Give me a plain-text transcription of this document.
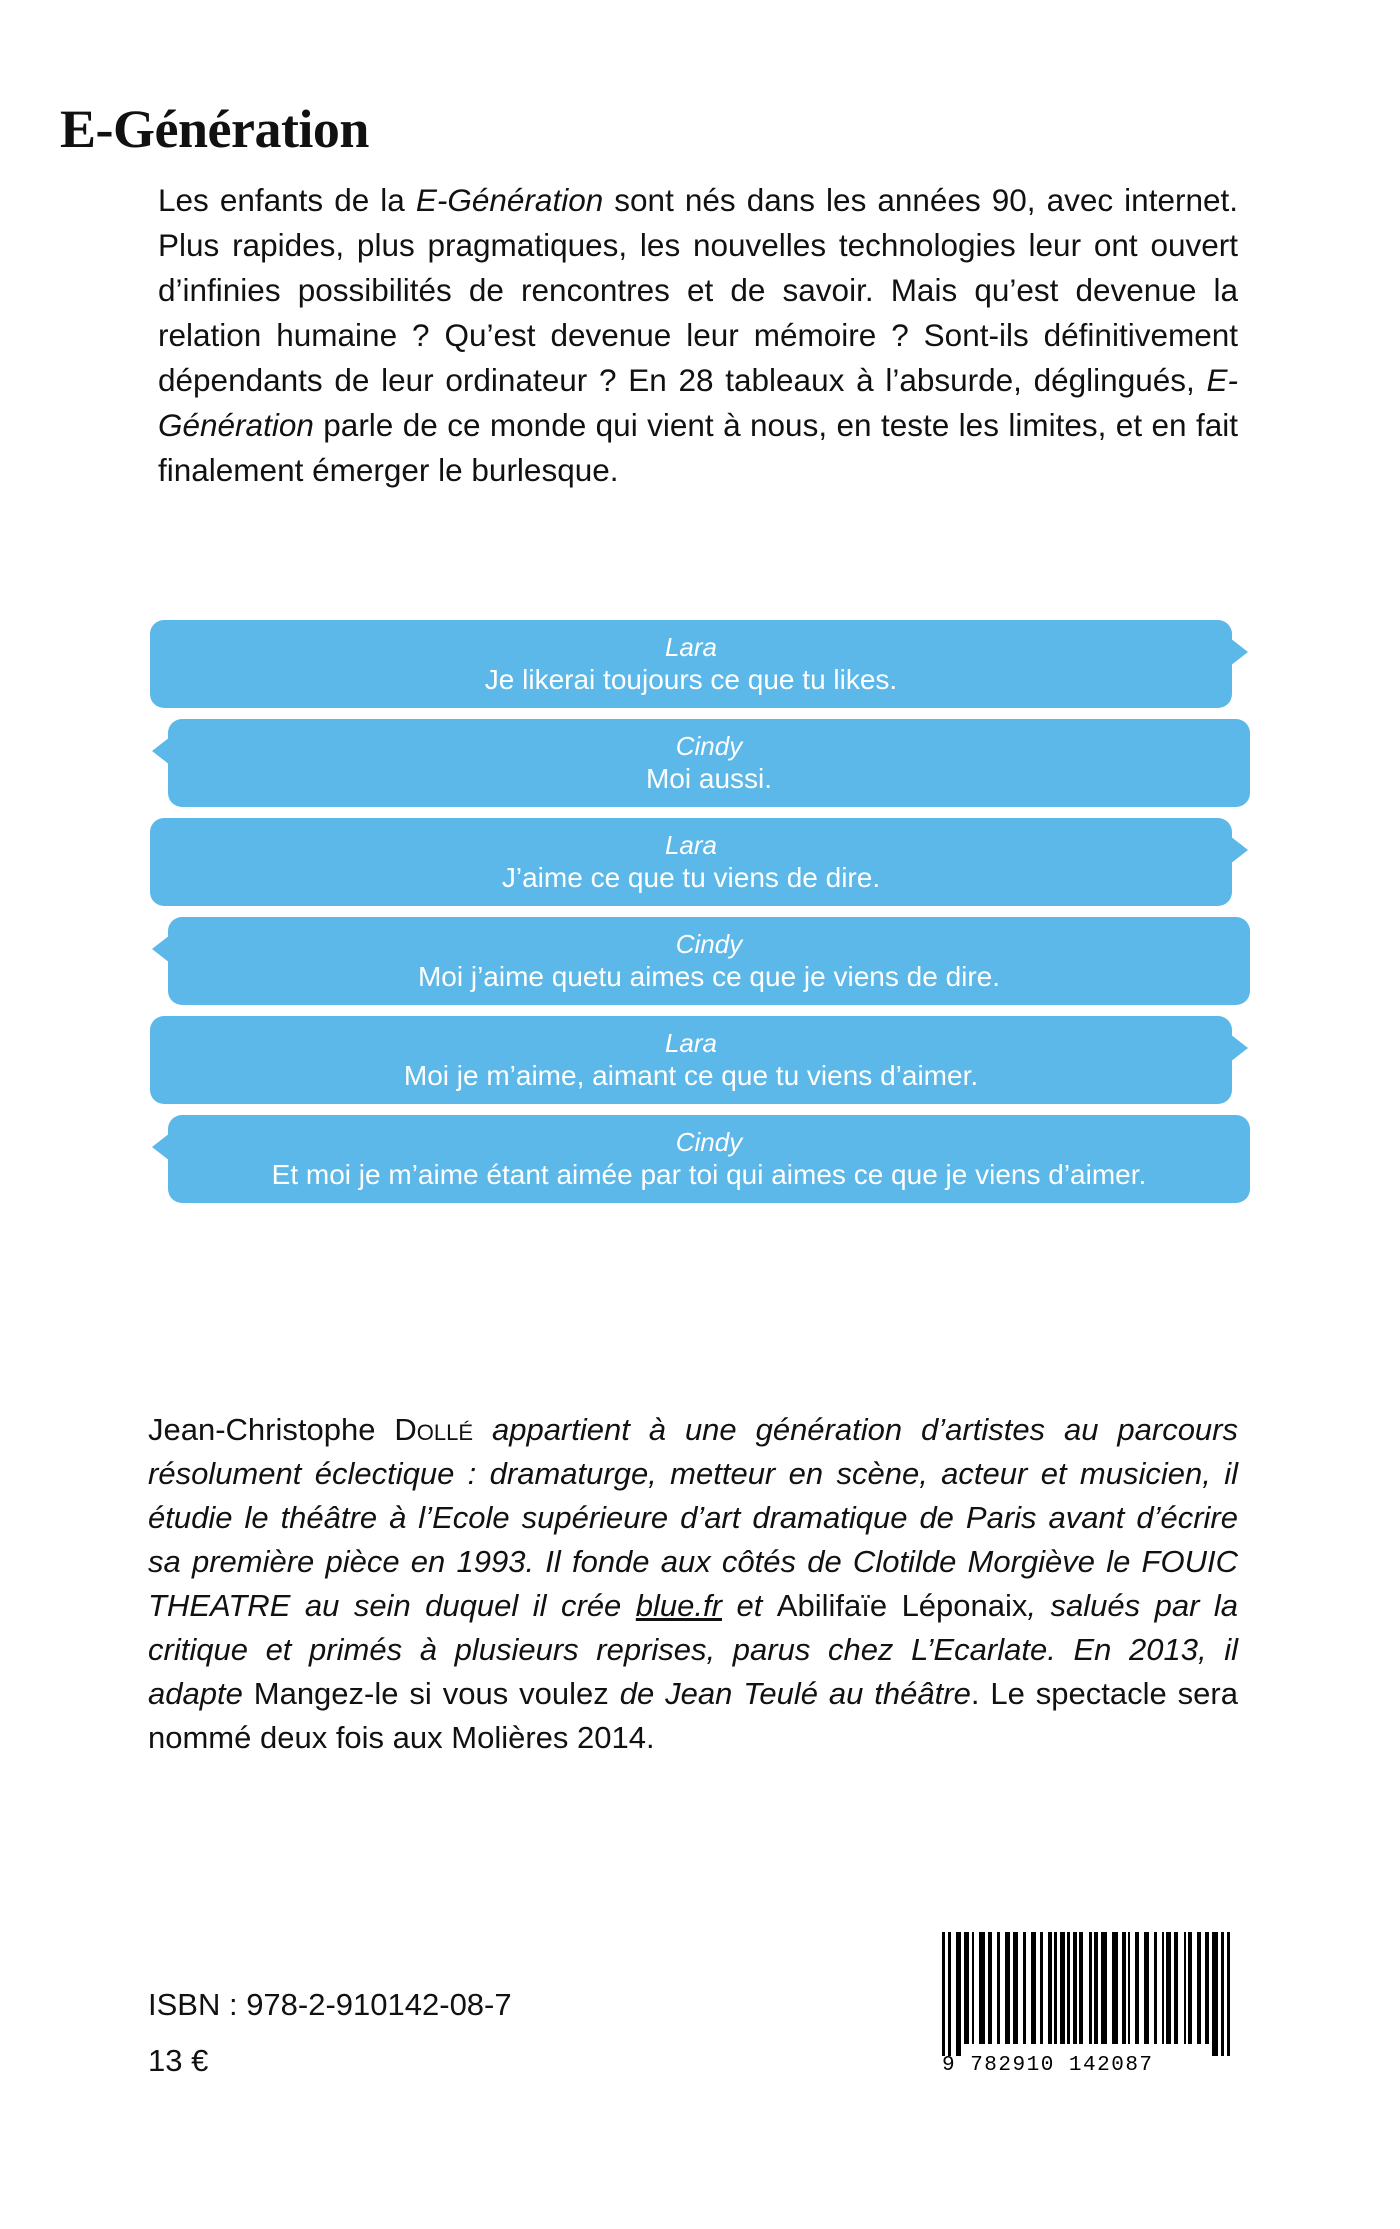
E-Génération
Les enfants de la E-Génération sont nés dans les années 90, avec internet. Plus rapides, plus pragmatiques, les nouvelles technologies leur ont ouvert d’infinies possibilités de rencontres et de savoir. Mais qu’est devenue la relation humaine ? Qu’est devenue leur mémoire ? Sont-ils définitivement dépendants de leur ordinateur ? En 28 tableaux à l’absurde, déglingués, E-Génération parle de ce monde qui vient à nous, en teste les limites, et en fait finalement émerger le burlesque.
Lara
Je likerai toujours ce que tu likes.
Cindy
Moi aussi.
Lara
J’aime ce que tu viens de dire.
Cindy
Moi j’aime quetu aimes ce que je viens de dire.
Lara
Moi je m’aime, aimant ce que tu viens d’aimer.
Cindy
Et moi je m’aime étant aimée par toi qui aimes ce que je viens d’aimer.
Jean-Christophe Dollé appartient à une génération d’artistes au parcours résolument éclectique : dramaturge, metteur en scène, acteur et musicien, il étudie le théâtre à l’Ecole supérieure d’art dramatique de Paris avant d’écrire sa première pièce en 1993. Il fonde aux côtés de Clotilde Morgiève le FOUIC THEATRE au sein duquel il crée blue.fr et Abilifaïe Léponaix, salués par la critique et primés à plusieurs reprises, parus chez L’Ecarlate. En 2013, il adapte Mangez-le si vous voulez de Jean Teulé au théâtre. Le spectacle sera nommé deux fois aux Molières 2014.
ISBN : 978-2-910142-08-7
13 €	9 782910 142087
